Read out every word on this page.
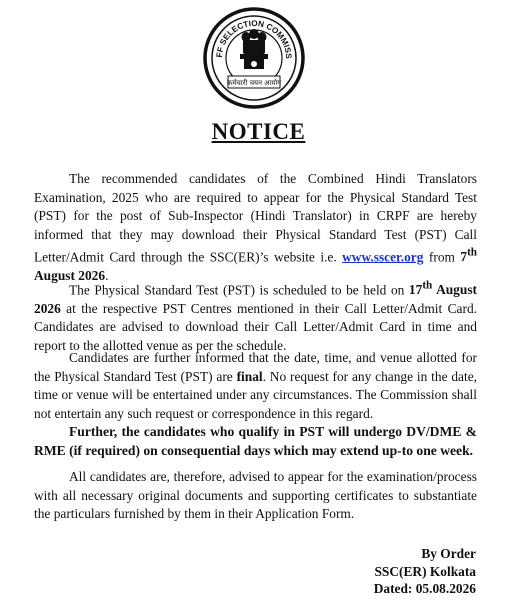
FF SELECTION COMMISS
कर्मचारी चयन आयोग
NOTICE

The recommended candidates of the Combined Hindi Translators Examination, 2025 who are required to appear for the Physical Standard Test (PST) for the post of Sub-Inspector (Hindi Translator) in CRPF are hereby informed that they may download their Physical Standard Test (PST) Call Letter/Admit Card through the SSC(ER)’s website i.e. www.sscer.org from 7th August 2026.

The Physical Standard Test (PST) is scheduled to be held on 17th August 2026 at the respective PST Centres mentioned in their Call Letter/Admit Card. Candidates are advised to download their Call Letter/Admit Card in time and report to the allotted venue as per the schedule.

Candidates are further informed that the date, time, and venue allotted for the Physical Standard Test (PST) are final. No request for any change in the date, time or venue will be entertained under any circumstances. The Commission shall not entertain any such request or correspondence in this regard.

Further, the candidates who qualify in PST will undergo DV/DME & RME (if required) on consequential days which may extend up-to one week.

All candidates are, therefore, advised to appear for the examination/process with all necessary original documents and supporting certificates to substantiate the particulars furnished by them in their Application Form.

By Order
SSC(ER) Kolkata
Dated: 05.08.2026
